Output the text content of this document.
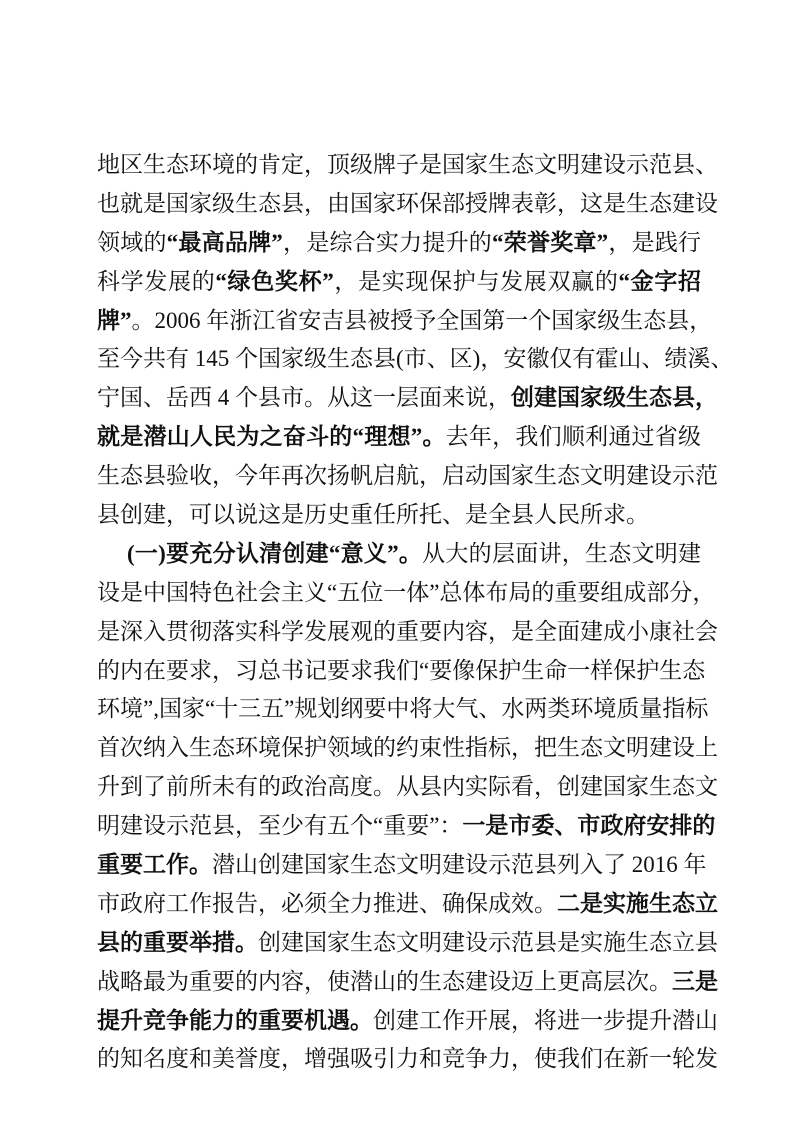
地区生态环境的肯定，顶级牌子是国家生态文明建设示范县、
也就是国家级生态县，由国家环保部授牌表彰，这是生态建设
领域的“最高品牌”，是综合实力提升的“荣誉奖章”，是践行
科学发展的“绿色奖杯”，是实现保护与发展双赢的“金字招
牌”。2006 年浙江省安吉县被授予全国第一个国家级生态县，
至今共有 145 个国家级生态县(市、区)，安徽仅有霍山、绩溪、
宁国、岳西 4 个县市。从这一层面来说，创建国家级生态县，
就是潜山人民为之奋斗的“理想”。去年，我们顺利通过省级
生态县验收，今年再次扬帆启航，启动国家生态文明建设示范
县创建，可以说这是历史重任所托、是全县人民所求。
(一)要充分认清创建“意义”。从大的层面讲，生态文明建
设是中国特色社会主义“五位一体”总体布局的重要组成部分，
是深入贯彻落实科学发展观的重要内容，是全面建成小康社会
的内在要求，习总书记要求我们“要像保护生命一样保护生态
环境”,国家“十三五”规划纲要中将大气、水两类环境质量指标
首次纳入生态环境保护领域的约束性指标，把生态文明建设上
升到了前所未有的政治高度。从县内实际看，创建国家生态文
明建设示范县，至少有五个“重要”：一是市委、市政府安排的
重要工作。潜山创建国家生态文明建设示范县列入了 2016 年
市政府工作报告，必须全力推进、确保成效。二是实施生态立
县的重要举措。创建国家生态文明建设示范县是实施生态立县
战略最为重要的内容，使潜山的生态建设迈上更高层次。三是
提升竞争能力的重要机遇。创建工作开展，将进一步提升潜山
的知名度和美誉度，增强吸引力和竞争力，使我们在新一轮发
